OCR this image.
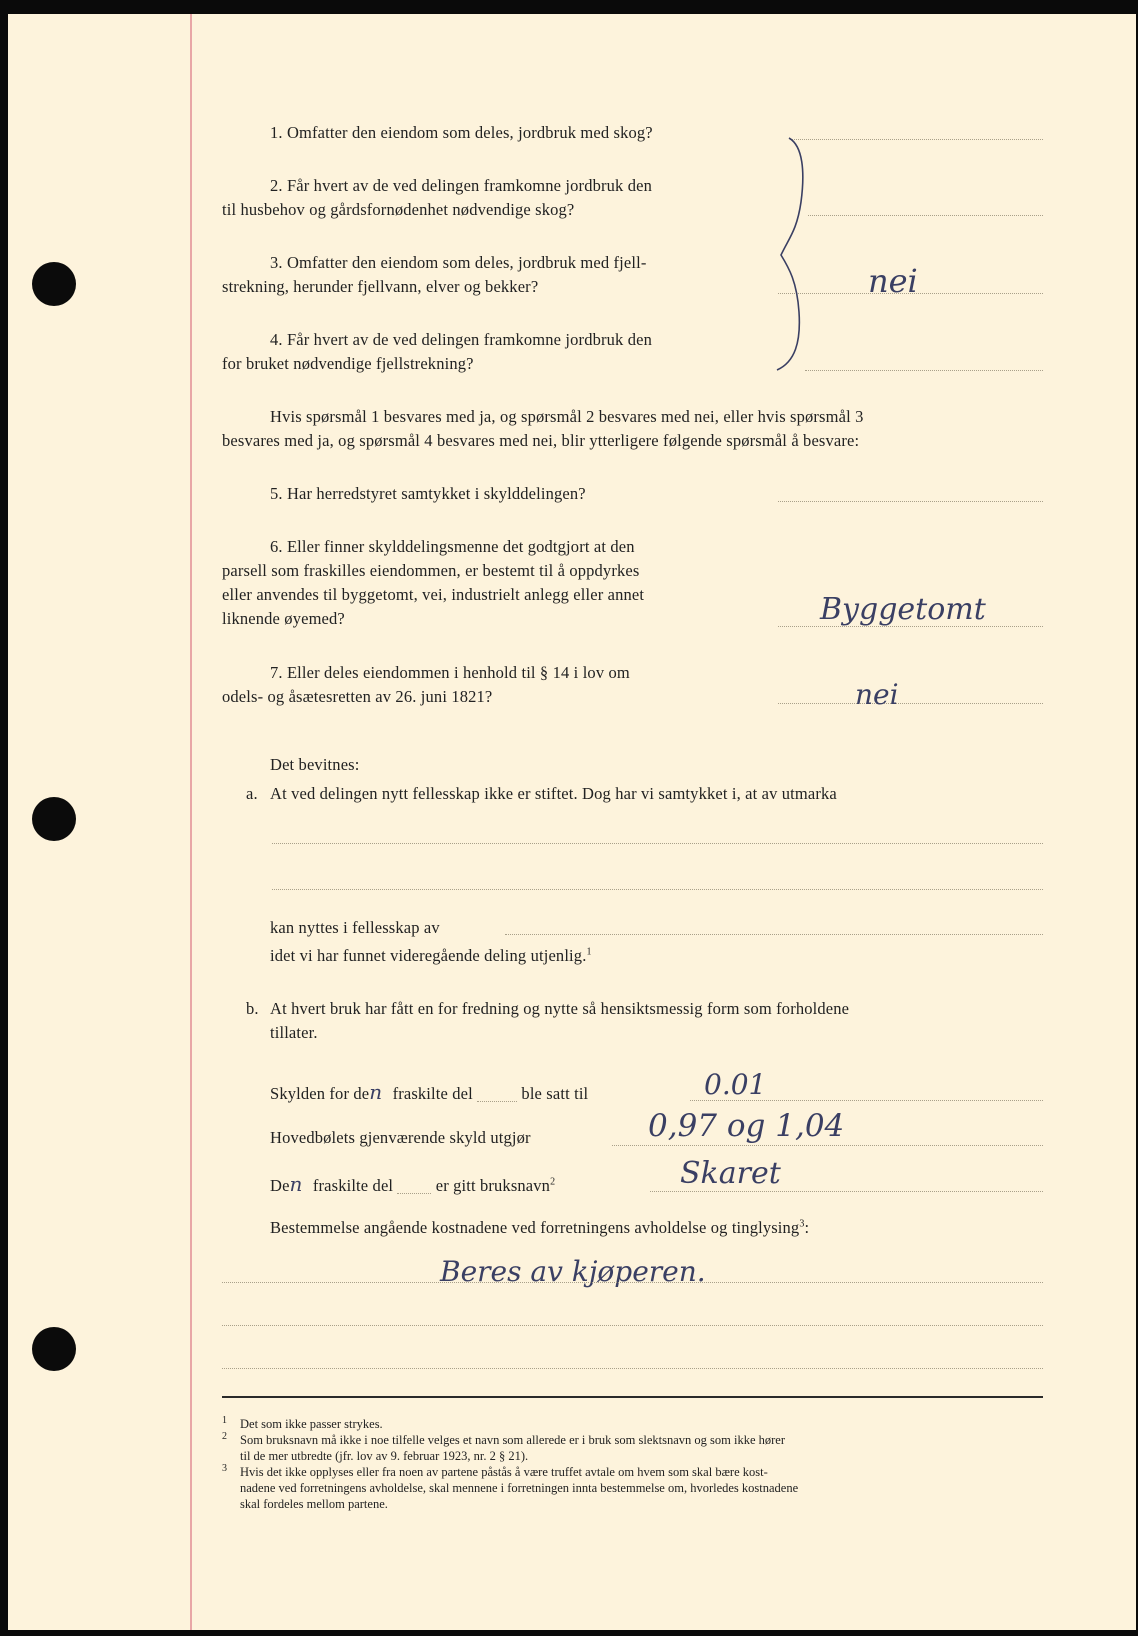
1. Omfatter den eiendom som deles, jordbruk med skog?
2. Får hvert av de ved delingen framkomne jordbruk den
til husbehov og gårdsfornødenhet nødvendige skog?
3. Omfatter den eiendom som deles, jordbruk med fjell-
strekning, herunder fjellvann, elver og bekker?
4. Får hvert av de ved delingen framkomne jordbruk den
for bruket nødvendige fjellstrekning?
nei
Hvis spørsmål 1 besvares med ja, og spørsmål 2 besvares med nei, eller hvis spørsmål 3
besvares med ja, og spørsmål 4 besvares med nei, blir ytterligere følgende spørsmål å besvare:
5. Har herredstyret samtykket i skylddelingen?
6. Eller finner skylddelingsmenne det godtgjort at den
parsell som fraskilles eiendommen, er bestemt til å oppdyrkes
eller anvendes til byggetomt, vei, industrielt anlegg eller annet
liknende øyemed?	Byggetomt
7. Eller deles eiendommen i henhold til § 14 i lov om
odels- og åsætesretten av 26. juni 1821?	nei
Det bevitnes:
a. At ved delingen nytt fellesskap ikke er stiftet. Dog har vi samtykket i, at av utmarka
kan nyttes i fellesskap av
idet vi har funnet videregående deling utjenlig.$^1$
b. At hvert bruk har fått en for fredning og nytte så hensiktsmessig form som forholdene
tillater.
Skylden for den fraskilte del	ble satt til	0.01
Hovedbølets gjenværende skyld utgjør	0,97 og 1,04
Den fraskilte del	er gitt bruksnavn$^2$	Skaret
Bestemmelse angående kostnadene ved forretningens avholdelse og tinglysing$^3$:
Beres av kjøperen.
1 Det som ikke passer strykes.
2 Som bruksnavn må ikke i noe tilfelle velges et navn som allerede er i bruk som slektsnavn og som ikke hører
til de mer utbredte (jfr. lov av 9. februar 1923, nr. 2 § 21).
3 Hvis det ikke opplyses eller fra noen av partene påstås å være truffet avtale om hvem som skal bære kost-
nadene ved forretningens avholdelse, skal mennene i forretningen innta bestemmelse om, hvorledes kostnadene
skal fordeles mellom partene.
